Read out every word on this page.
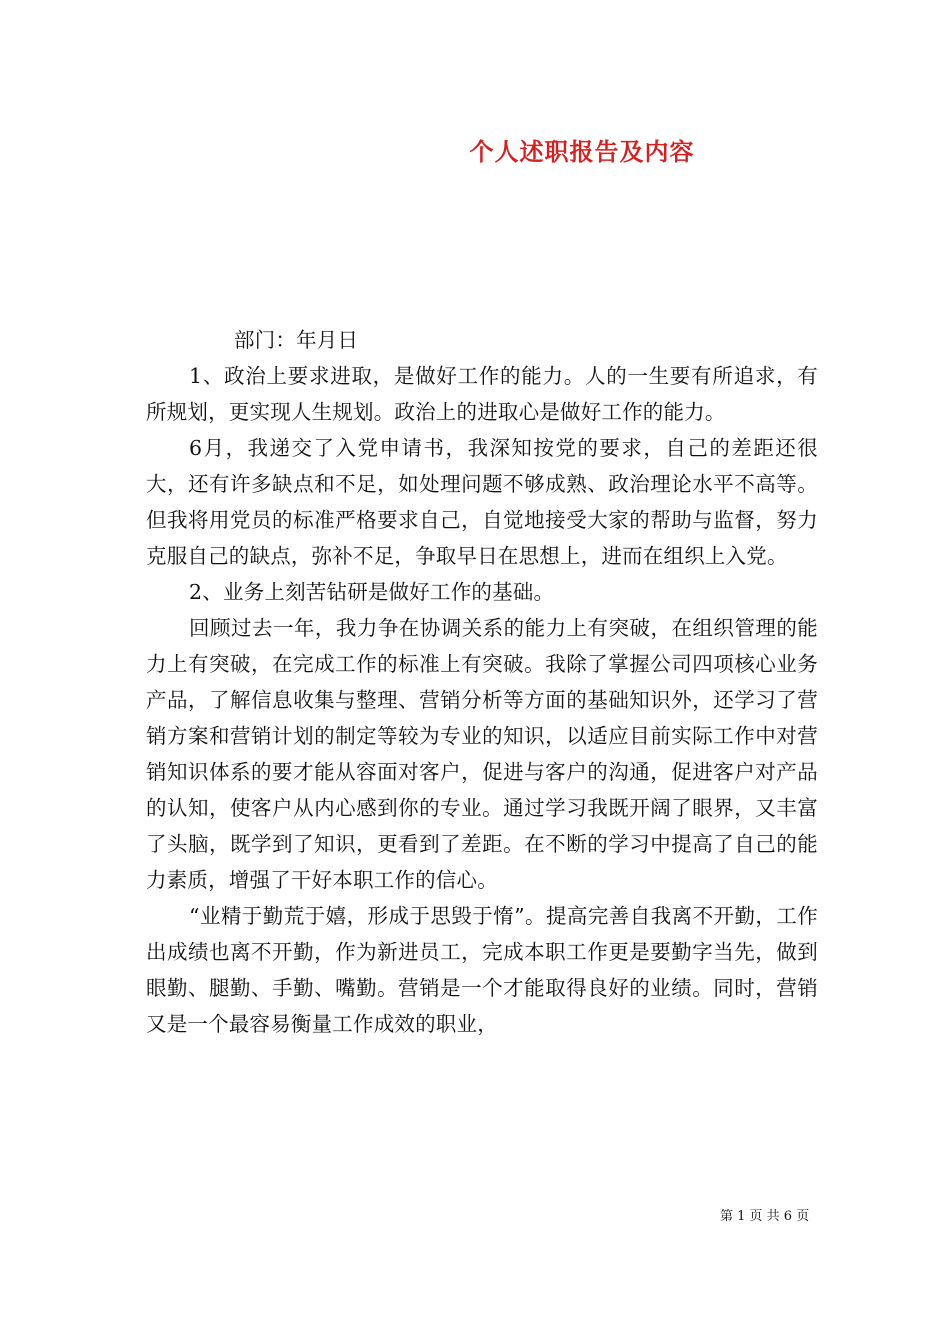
个人述职报告及内容

部门：年月日

1、政治上要求进取，是做好工作的能力。人的一生要有所追求，有所规划，更实现人生规划。政治上的进取心是做好工作的能力。

6月，我递交了入党申请书，我深知按党的要求，自己的差距还很大，还有许多缺点和不足，如处理问题不够成熟、政治理论水平不高等。但我将用党员的标准严格要求自己，自觉地接受大家的帮助与监督，努力克服自己的缺点，弥补不足，争取早日在思想上，进而在组织上入党。

2、业务上刻苦钻研是做好工作的基础。

回顾过去一年，我力争在协调关系的能力上有突破，在组织管理的能力上有突破，在完成工作的标准上有突破。我除了掌握公司四项核心业务产品，了解信息收集与整理、营销分析等方面的基础知识外，还学习了营销方案和营销计划的制定等较为专业的知识，以适应目前实际工作中对营销知识体系的要才能从容面对客户，促进与客户的沟通，促进客户对产品的认知，使客户从内心感到你的专业。通过学习我既开阔了眼界，又丰富了头脑，既学到了知识，更看到了差距。在不断的学习中提高了自己的能力素质，增强了干好本职工作的信心。

“业精于勤荒于嬉，形成于思毁于惰”。提高完善自我离不开勤，工作出成绩也离不开勤，作为新进员工，完成本职工作更是要勤字当先，做到眼勤、腿勤、手勤、嘴勤。营销是一个才能取得良好的业绩。同时，营销又是一个最容易衡量工作成效的职业，

第 1 页 共 6 页
